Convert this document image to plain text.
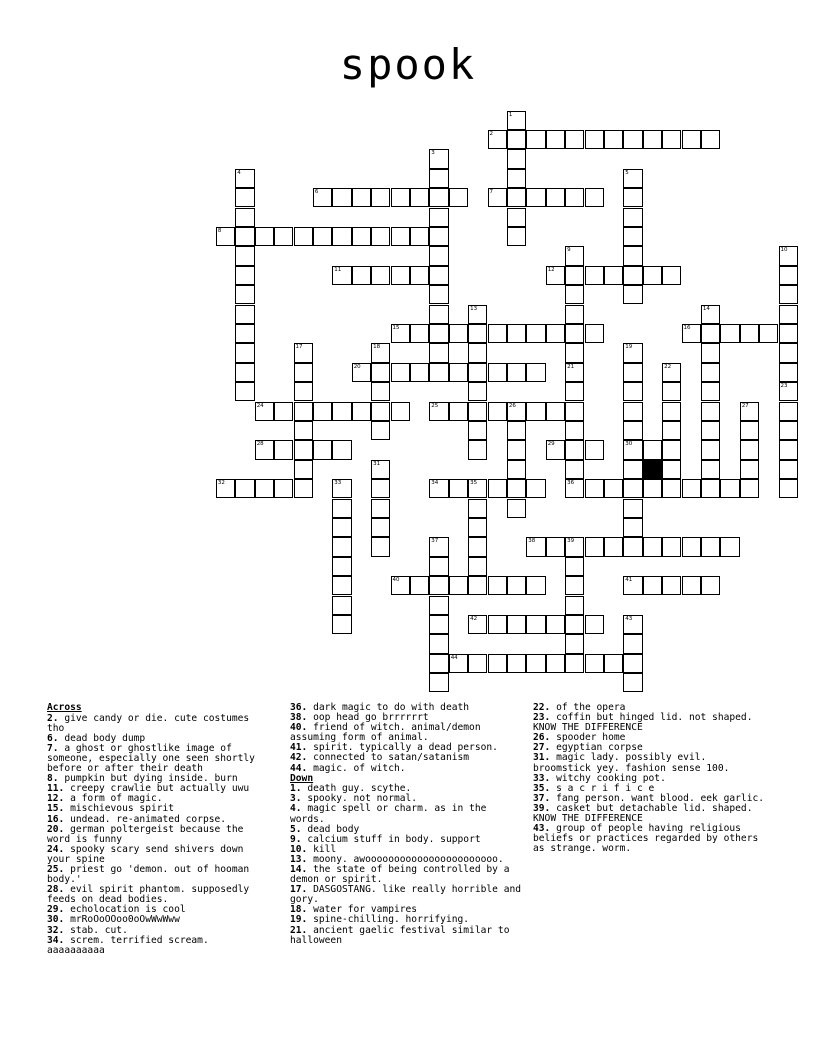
spook
1
2
3
4	5
6	7
8
9	10
11	12
13	14
15	16
17	18	19
30
20	21
36
22
23
24	25	26	27
28	29
31
32	33	34	35
37	38	39
40	41
42	43
44
Across
2. give candy or die. cute costumes tho
6. dead body dump
7. a ghost or ghostlike image of someone, especially one seen shortly before or after their death
8. pumpkin but dying inside. burn
11. creepy crawlie but actually uwu
12. a form of magic.
15. mischievous spirit
16. undead. re-animated corpse.
20. german poltergeist because the word is funny
24. spooky scary send shivers down your spine
25. priest go 'demon. out of hooman body.'
28. evil spirit phantom. supposedly feeds on dead bodies.
29. echolocation is cool
30. mrRoOoOOoo0oOwWwWww
32. stab. cut.
34. screm. terrified scream. aaaaaaaaaa
36. dark magic to do with death
38. oop head go brrrrrrt
40. friend of witch. animal/demon assuming form of animal.
41. spirit. typically a dead person.
42. connected to satan/satanism
44. magic. of witch.
Down
1. death guy. scythe.
3. spooky. not normal.
4. magic spell or charm. as in the words.
5. dead body
9. calcium stuff in body. support
10. kill
13. moony. awooooooooooooooooooooooo.
14. the state of being controlled by a demon or spirit.
17. DASGOSTANG. like really horrible and gory.
18. water for vampires
19. spine-chilling. horrifying.
21. ancient gaelic festival similar to halloween
22. of the opera
23. coffin but hinged lid. not shaped. KNOW THE DIFFERENCE
26. spooder home
27. egyptian corpse
31. magic lady. possibly evil. broomstick yey. fashion sense 100.
33. witchy cooking pot.
35. s a c r i f i c e
37. fang person. want blood. eek garlic.
39. casket but detachable lid. shaped. KNOW THE DIFFERENCE
43. group of people having religious beliefs or practices regarded by others as strange. worm.
